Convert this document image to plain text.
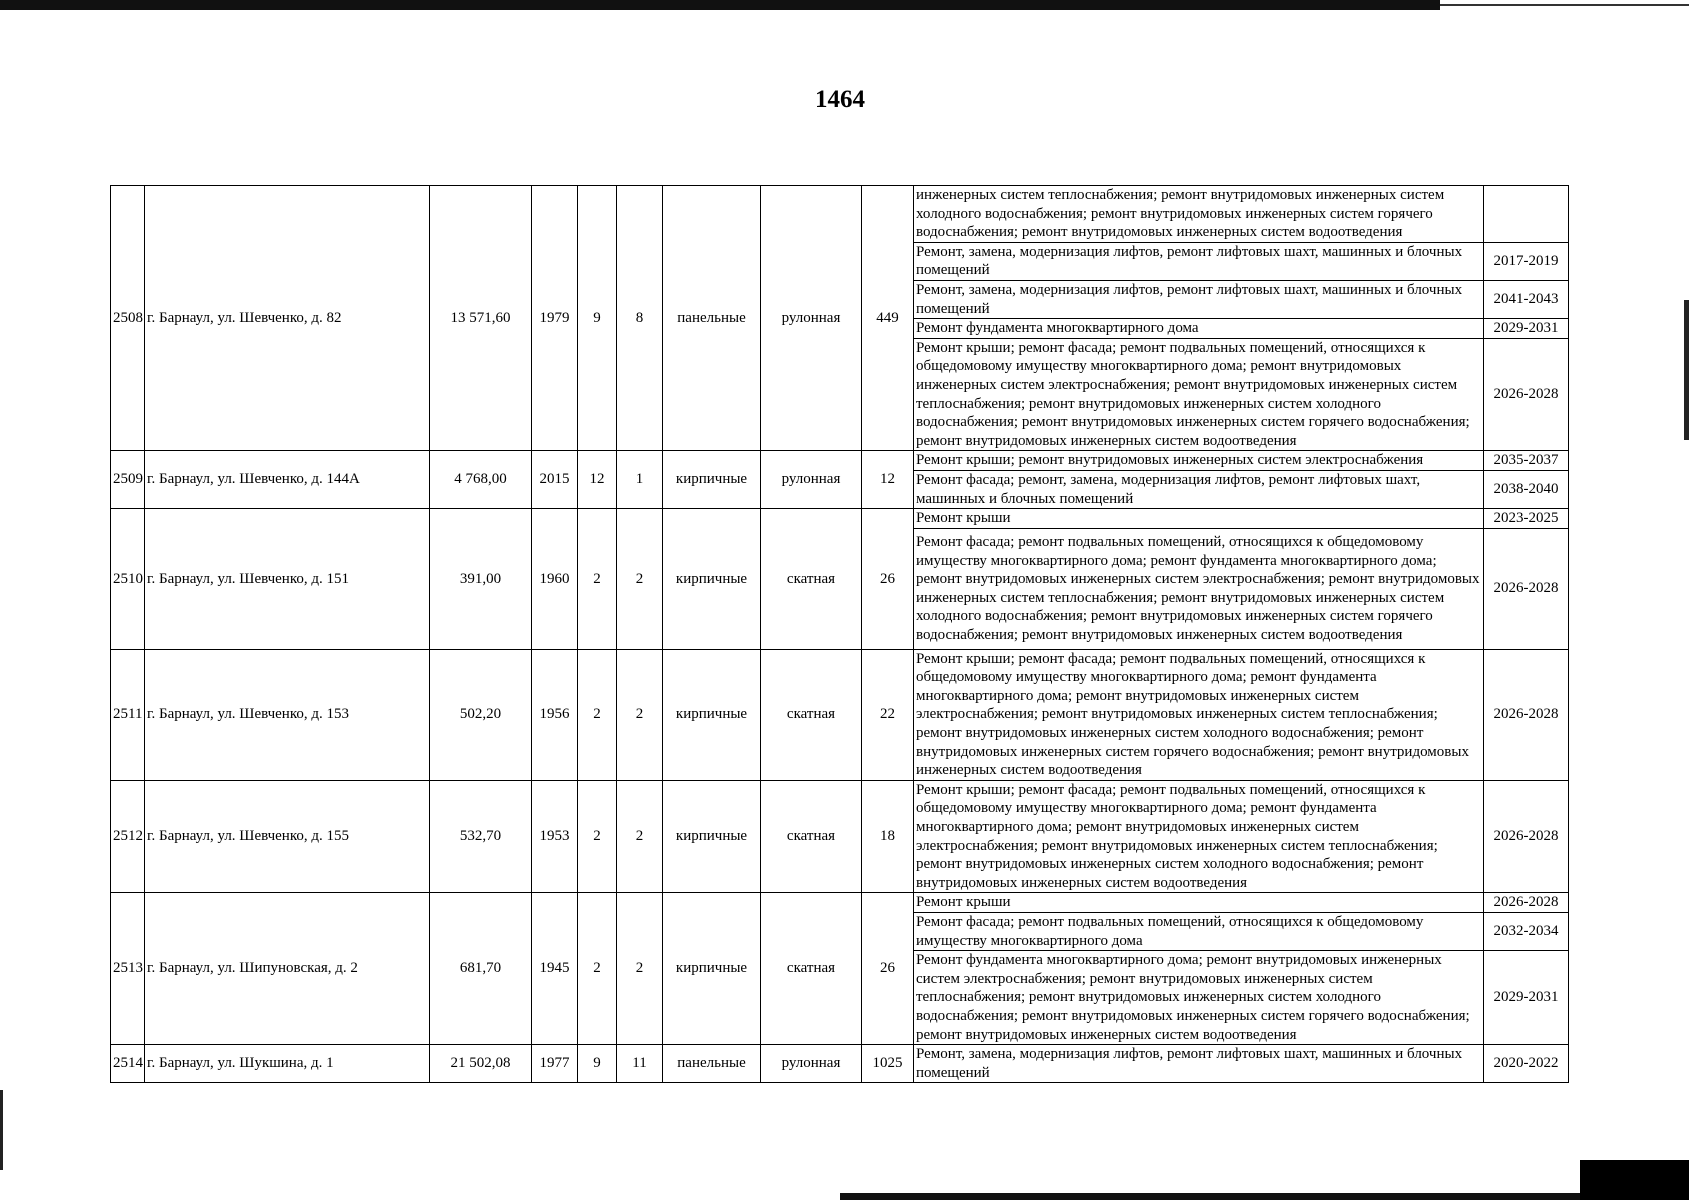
1464
2508	г. Барнаул, ул. Шевченко, д. 82	13 571,60	1979	9	8	панельные	рулонная	449	инженерных систем теплоснабжения; ремонт внутридомовых инженерных систем холодного водоснабжения; ремонт внутридомовых инженерных систем горячего водоснабжения; ремонт внутридомовых инженерных систем водоотведения	
									Ремонт, замена, модернизация лифтов, ремонт лифтовых шахт, машинных и блочных помещений	2017-2019
									Ремонт, замена, модернизация лифтов, ремонт лифтовых шахт, машинных и блочных помещений	2041-2043
									Ремонт фундамента многоквартирного дома	2029-2031
									Ремонт крыши; ремонт фасада; ремонт подвальных помещений, относящихся к общедомовому имуществу многоквартирного дома; ремонт внутридомовых инженерных систем электроснабжения; ремонт внутридомовых инженерных систем теплоснабжения; ремонт внутридомовых инженерных систем холодного водоснабжения; ремонт внутридомовых инженерных систем горячего водоснабжения; ремонт внутридомовых инженерных систем водоотведения	2026-2028
2509	г. Барнаул, ул. Шевченко, д. 144А	4 768,00	2015	12	1	кирпичные	рулонная	12	Ремонт крыши; ремонт внутридомовых инженерных систем электроснабжения	2035-2037
									Ремонт фасада; ремонт, замена, модернизация лифтов, ремонт лифтовых шахт, машинных и блочных помещений	2038-2040
2510	г. Барнаул, ул. Шевченко, д. 151	391,00	1960	2	2	кирпичные	скатная	26	Ремонт крыши	2023-2025
									Ремонт фасада; ремонт подвальных помещений, относящихся к общедомовому имуществу многоквартирного дома; ремонт фундамента многоквартирного дома; ремонт внутридомовых инженерных систем электроснабжения; ремонт внутридомовых инженерных систем теплоснабжения; ремонт внутридомовых инженерных систем холодного водоснабжения; ремонт внутридомовых инженерных систем горячего водоснабжения; ремонт внутридомовых инженерных систем водоотведения	2026-2028
2511	г. Барнаул, ул. Шевченко, д. 153	502,20	1956	2	2	кирпичные	скатная	22	Ремонт крыши; ремонт фасада; ремонт подвальных помещений, относящихся к общедомовому имуществу многоквартирного дома; ремонт фундамента многоквартирного дома; ремонт внутридомовых инженерных систем электроснабжения; ремонт внутридомовых инженерных систем теплоснабжения; ремонт внутридомовых инженерных систем холодного водоснабжения; ремонт внутридомовых инженерных систем горячего водоснабжения; ремонт внутридомовых инженерных систем водоотведения	2026-2028
2512	г. Барнаул, ул. Шевченко, д. 155	532,70	1953	2	2	кирпичные	скатная	18	Ремонт крыши; ремонт фасада; ремонт подвальных помещений, относящихся к общедомовому имуществу многоквартирного дома; ремонт фундамента многоквартирного дома; ремонт внутридомовых инженерных систем электроснабжения; ремонт внутридомовых инженерных систем теплоснабжения; ремонт внутридомовых инженерных систем холодного водоснабжения; ремонт внутридомовых инженерных систем водоотведения	2026-2028
2513	г. Барнаул, ул. Шипуновская, д. 2	681,70	1945	2	2	кирпичные	скатная	26	Ремонт крыши	2026-2028
									Ремонт фасада; ремонт подвальных помещений, относящихся к общедомовому имуществу многоквартирного дома	2032-2034
									Ремонт фундамента многоквартирного дома; ремонт внутридомовых инженерных систем электроснабжения; ремонт внутридомовых инженерных систем теплоснабжения; ремонт внутридомовых инженерных систем холодного водоснабжения; ремонт внутридомовых инженерных систем горячего водоснабжения; ремонт внутридомовых инженерных систем водоотведения	2029-2031
2514	г. Барнаул, ул. Шукшина, д. 1	21 502,08	1977	9	11	панельные	рулонная	1025	Ремонт, замена, модернизация лифтов, ремонт лифтовых шахт, машинных и блочных помещений	2020-2022
